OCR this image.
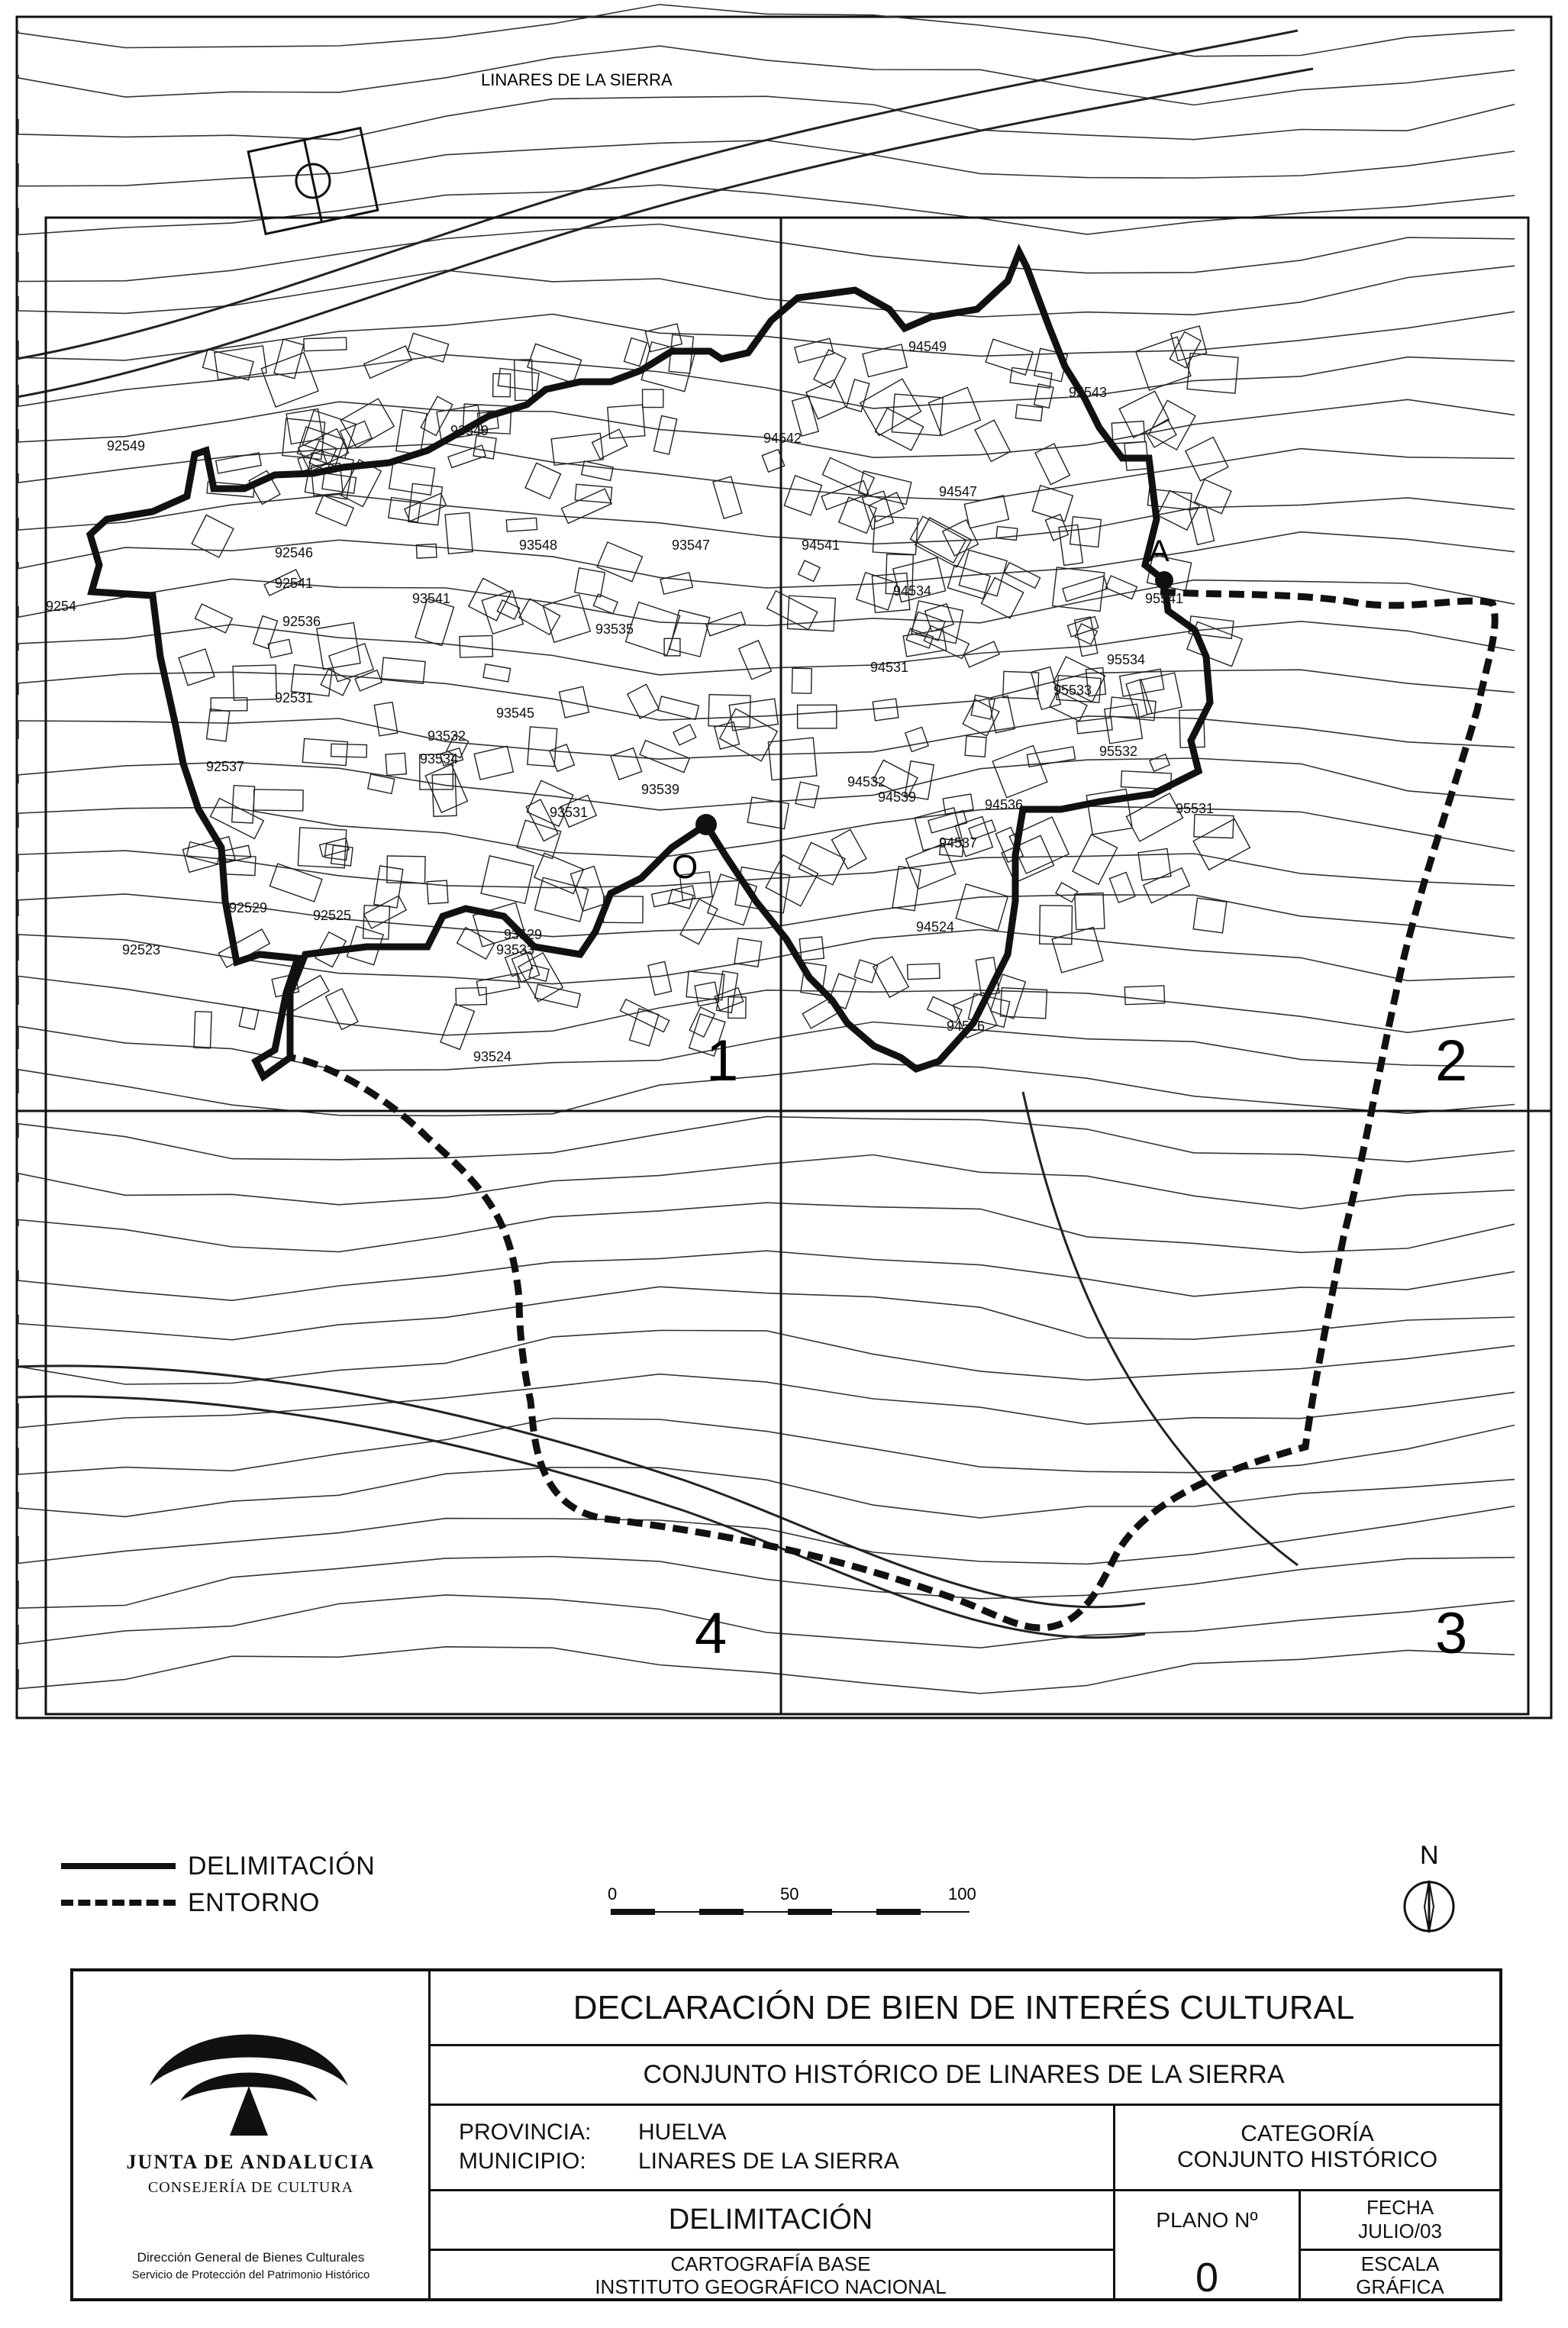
LINARES DE LA SIERRA
A
O
1	2
3
4
92549
93549
93548	93547
93545
93541
93535
93534
93532
93531
93539
93529
93533
93524
92546
92541
92536
92531
92537
92523
92525
92529
94549
94547
94542
94541
94534
94531
94532
94539
94537
94536
94524
94526
95543
95541
95534
95533
95532
95531
9254
DELIMITACIÓN
ENTORNO	0	50	100
N
JUNTA DE ANDALUCIA
CONSEJERÍA DE CULTURA
Dirección General de Bienes Culturales
Servicio de Protección del Patrimonio Histórico
DECLARACIÓN DE BIEN DE INTERÉS CULTURAL
CONJUNTO HISTÓRICO DE LINARES DE LA SIERRA
PROVINCIA:	HUELVA
MUNICIPIO:	LINARES DE LA SIERRA
CATEGORÍA
CONJUNTO HISTÓRICO
DELIMITACIÓN	PLANO Nº
0
FECHA
JULIO/03
CARTOGRAFÍA BASE
INSTITUTO GEOGRÁFICO NACIONAL
ESCALA
GRÁFICA
